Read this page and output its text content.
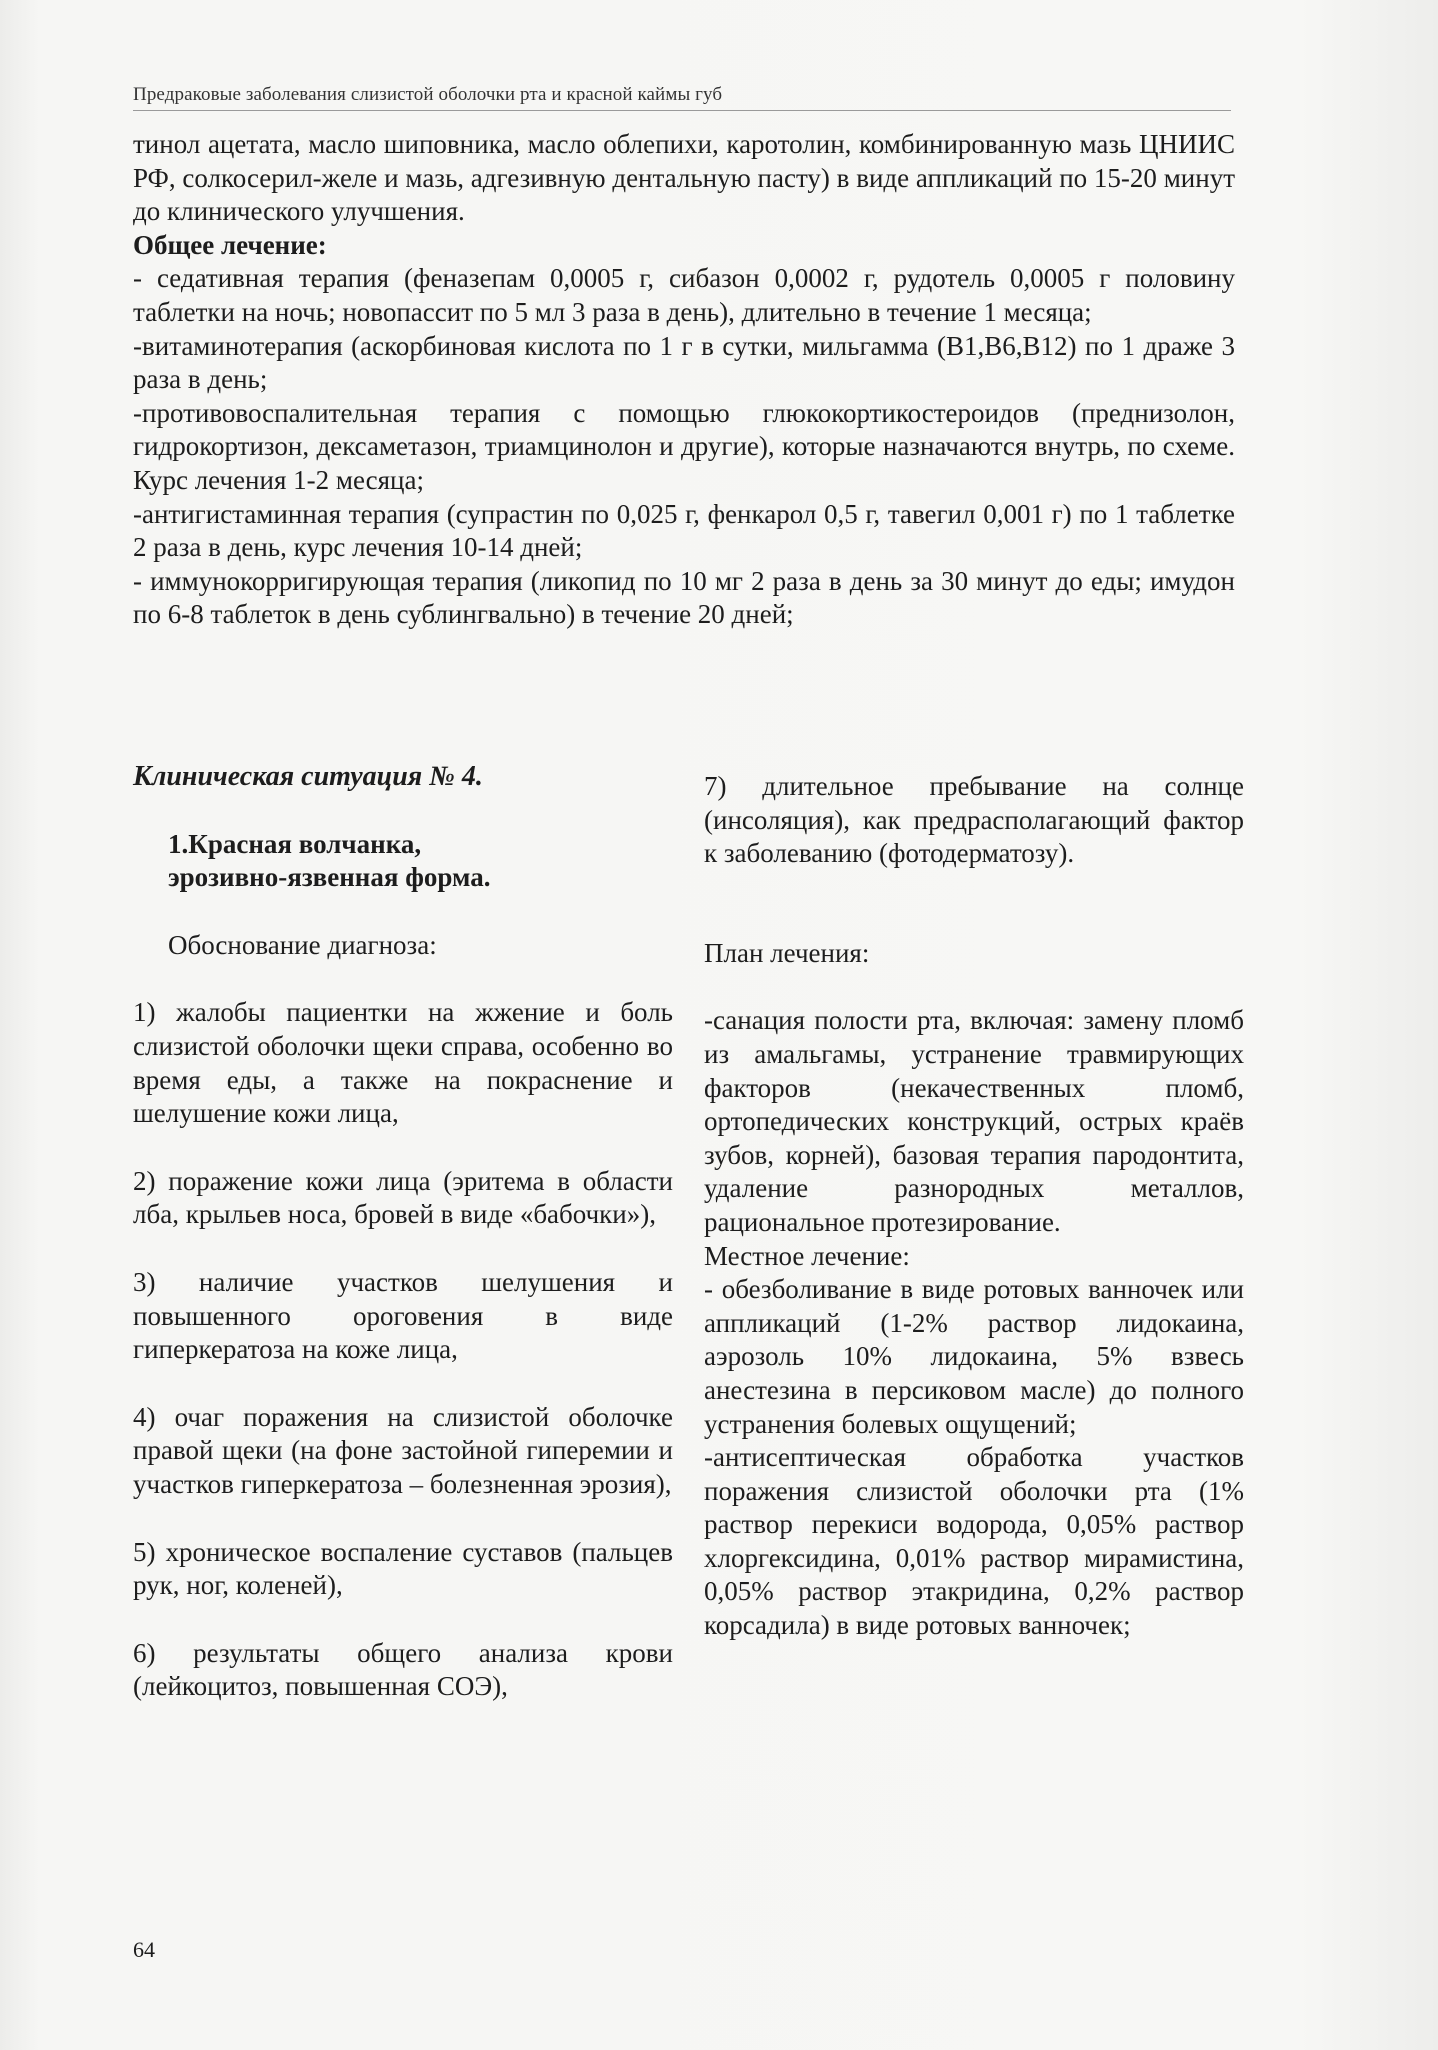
Предраковые заболевания слизистой оболочки рта и красной каймы губ

тинол ацетата, масло шиповника, масло облепихи, каротолин, комбинированную мазь ЦНИИС РФ, солкосерил-желе и мазь, адгезивную дентальную пасту) в виде аппликаций по 15-20 минут до клинического улучшения.

Общее лечение:

- седативная терапия (феназепам 0,0005 г, сибазон 0,0002 г, рудотель 0,0005 г половину таблетки на ночь; новопассит по 5 мл 3 раза в день), длительно в течение 1 месяца;

-витаминотерапия (аскорбиновая кислота по 1 г в сутки, мильгамма (В1,В6,В12) по 1 драже 3 раза в день;

-противовоспалительная терапия с помощью глюкокортикостероидов (преднизолон, гидрокортизон, дексаметазон, триамцинолон и другие), которые назначаются внутрь, по схеме. Курс лечения 1-2 месяца;

-антигистаминная терапия (супрастин по 0,025 г, фенкарол 0,5 г, тавегил 0,001 г) по 1 таблетке 2 раза в день, курс лечения 10-14 дней;

- иммунокорригирующая терапия (ликопид по 10 мг 2 раза в день за 30 минут до еды; имудон по 6-8 таблеток в день сублингвально) в течение 20 дней;

Клиническая ситуация № 4.

1.Красная волчанка,

эрозивно-язвенная форма.

Обоснование диагноза:

1) жалобы пациентки на жжение и боль слизистой оболочки щеки справа, особенно во время еды, а также на покраснение и шелушение кожи лица,

2) поражение кожи лица (эритема в области лба, крыльев носа, бровей в виде «бабочки»),

3) наличие участков шелушения и повышенного ороговения в виде гиперкератоза на коже лица,

4) очаг поражения на слизистой оболочке правой щеки (на фоне застойной гиперемии и участков гиперкератоза – болезненная эрозия),

5) хроническое воспаление суставов (пальцев рук, ног, коленей),

6) результаты общего анализа крови (лейкоцитоз, повышенная СОЭ),

7) длительное пребывание на солнце (инсоляция), как предрасполагающий фактор к заболеванию (фотодерматозу).

План лечения:

-санация полости рта, включая: замену пломб из амальгамы, устранение травмирующих факторов (некачественных пломб, ортопедических конструкций, острых краёв зубов, корней), базовая терапия пародонтита, удаление разнородных металлов, рациональное протезирование.

Местное лечение:

- обезболивание в виде ротовых ванночек или аппликаций (1-2% раствор лидокаина, аэрозоль 10% лидокаина, 5% взвесь анестезина в персиковом масле) до полного устранения болевых ощущений;

-антисептическая обработка участков поражения слизистой оболочки рта (1% раствор перекиси водорода, 0,05% раствор хлоргексидина, 0,01% раствор мирамистина, 0,05% раствор этакридина, 0,2% раствор корсадила) в виде ротовых ванночек;

64
